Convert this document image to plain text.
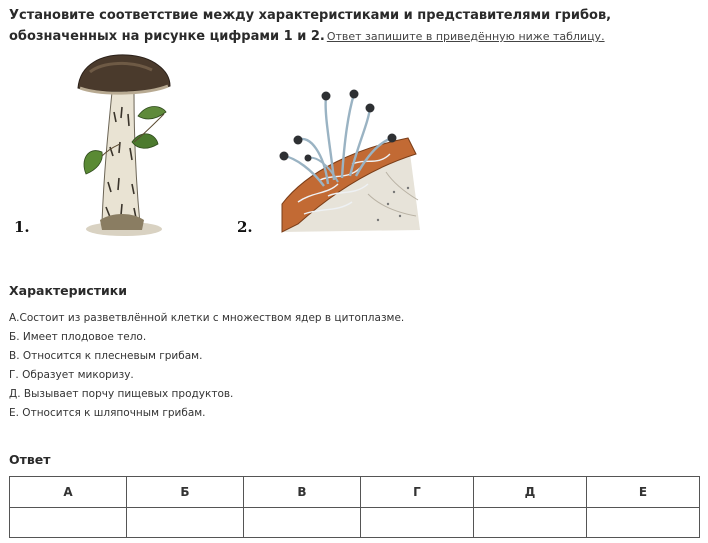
Установите соответствие между характеристиками и представителями грибов, обозначенных на рисунке цифрами 1 и 2. Ответ запишите в приведённую ниже таблицу.
1.	2.
Характеристики
А.Состоит из разветвлённой клетки с множеством ядер в цитоплазме.
Б. Имеет плодовое тело.
В. Относится к плесневым грибам.
Г. Образует микоризу.
Д. Вызывает порчу пищевых продуктов.
Е. Относится к шляпочным грибам.
Ответ
А	Б	В	Г	Д	Е
